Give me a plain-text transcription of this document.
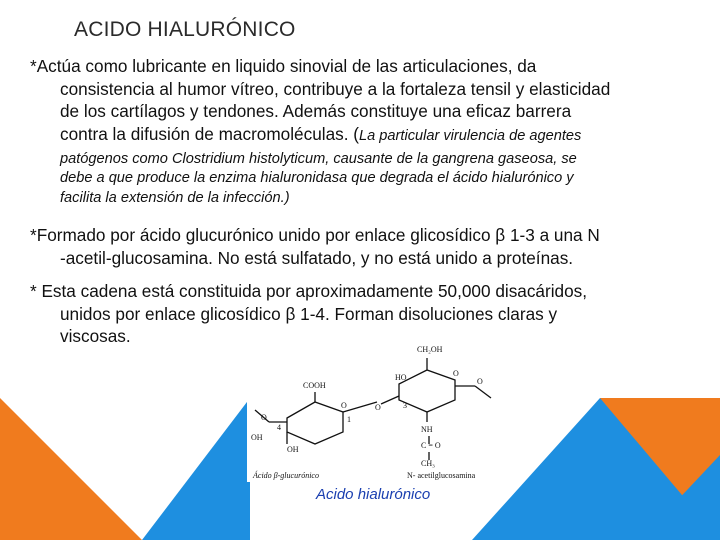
ACIDO HIALURÓNICO
*Actúa como lubricante en liquido sinovial de las articulaciones, da
consistencia al humor vítreo, contribuye a la fortaleza tensil y elasticidad
de los cartílagos y tendones. Además constituye una eficaz barrera
contra la difusión de macromoléculas. (La particular virulencia de agentes
patógenos como Clostridium histolyticum, causante de la gangrena gaseosa, se
debe a que produce la enzima hialuronidasa que degrada el ácido hialurónico y
facilita la extensión de la infección.)
*Formado por ácido glucurónico unido por enlace glicosídico β 1-3 a una N
-acetil-glucosamina. No está sulfatado, y no está unido a proteínas.
* Esta cadena está constituida por aproximadamente 50,000 disacáridos,
unidos por enlace glicosídico β 1-4. Forman disoluciones claras y
viscosas.
CH₂OH
COOH
HO
OH
OH
NH
C = O
CH₃
O
O
O
O
O
3
4
1
Ácido β-glucurónico	N- acetilglucosamina
Acido hialurónico
